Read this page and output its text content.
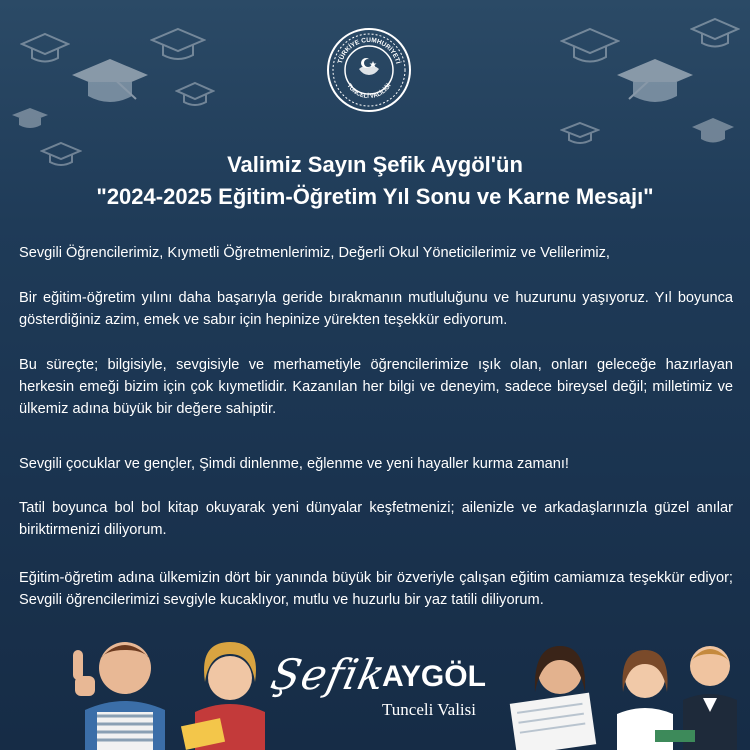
TÜRKİYE CUMHURİYETİ
TUNCELİ VALİLİĞİ
Valimiz Sayın Şefik Aygöl'ün
"2024-2025 Eğitim-Öğretim Yıl Sonu ve Karne Mesajı"
Sevgili Öğrencilerimiz, Kıymetli Öğretmenlerimiz, Değerli Okul Yöneticilerimiz ve Velilerimiz,
Bir eğitim-öğretim yılını daha başarıyla geride bırakmanın mutluluğunu ve huzurunu yaşıyoruz. Yıl boyunca gösterdiğiniz azim, emek ve sabır için hepinize yürekten teşekkür ediyorum.
Bu süreçte; bilgisiyle, sevgisiyle ve merhametiyle öğrencilerimize ışık olan, onları geleceğe hazırlayan herkesin emeği bizim için çok kıymetlidir. Kazanılan her bilgi ve deneyim, sadece bireysel değil; milletimiz ve ülkemiz adına büyük bir değere sahiptir.
Sevgili çocuklar ve gençler, Şimdi dinlenme, eğlenme ve yeni hayaller kurma zamanı!
Tatil boyunca bol bol kitap okuyarak yeni dünyalar keşfetmenizi; ailenizle ve arkadaşlarınızla güzel anılar biriktirmenizi diliyorum.
Eğitim-öğretim adına ülkemizin dört bir yanında büyük bir özveriyle çalışan eğitim camiamıza teşekkür ediyor; Sevgili öğrencilerimizi sevgiyle kucaklıyor, mutlu ve huzurlu bir yaz tatili diliyorum.
Şefik
AYGÖL
Tunceli Valisi
